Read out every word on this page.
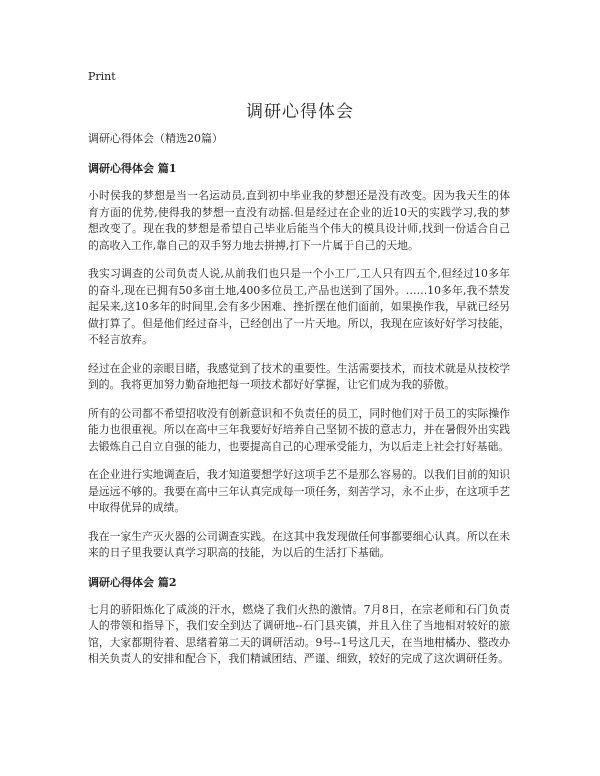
Print
调研心得体会

调研心得体会（精选20篇）

调研心得体会 篇1

小时侯我的梦想是当一名运动员,直到初中毕业我的梦想还是没有改变。因为我天生的体育方面的优势,使得我的梦想一直没有动摇.但是经过在企业的近10天的实践学习,我的梦想改变了。现在我的梦想是希望自己毕业后能当个伟大的模具设计师,找到一份适合自己的高收入工作,靠自己的双手努力地去拼搏,打下一片属于自己的天地。

我实习调查的公司负责人说,从前我们也只是一个小工厂,工人只有四五个,但经过10多年的奋斗,现在已拥有50多亩土地,400多位员工,产品也送到了国外。……10多年,我不禁发起呆来,这10多年的时间里,会有多少困难、挫折摆在他们面前，如果换作我，早就已经另做打算了。但是他们经过奋斗，已经创出了一片天地。所以，我现在应该好好学习技能，不轻言放弃。

经过在企业的亲眼目睹，我感觉到了技术的重要性。生活需要技术，而技术就是从技校学到的。我将更加努力勤奋地把每一项技术都好好掌握，让它们成为我的骄傲。

所有的公司都不希望招收没有创新意识和不负责任的员工，同时他们对于员工的实际操作能力也很重视。所以在高中三年我要好好培养自己坚韧不拔的意志力，并在暑假外出实践去锻炼自己自立自强的能力，也要提高自己的心理承受能力，为以后走上社会打好基础。

在企业进行实地调查后，我才知道要想学好这项手艺不是那么容易的。以我们目前的知识是远远不够的。我要在高中三年认真完成每一项任务，刻苦学习，永不止步，在这项手艺中取得优异的成绩。

我在一家生产灭火器的公司调查实践。在这其中我发现做任何事都要细心认真。所以在未来的日子里我要认真学习职高的技能，为以后的生活打下基础。

调研心得体会 篇2

七月的骄阳炼化了咸淡的汗水，燃烧了我们火热的激情。7月8日，在宗老师和石门负责人的带领和指导下，我们安全到达了调研地--石门县夹镇，并且入住了当地相对较好的旅馆，大家都期待着、思绪着第二天的调研活动。9号--1号这几天，在当地柑橘办、整改办相关负责人的安排和配合下，我们精诚团结、严谨、细致，较好的完成了这次调研任务。
